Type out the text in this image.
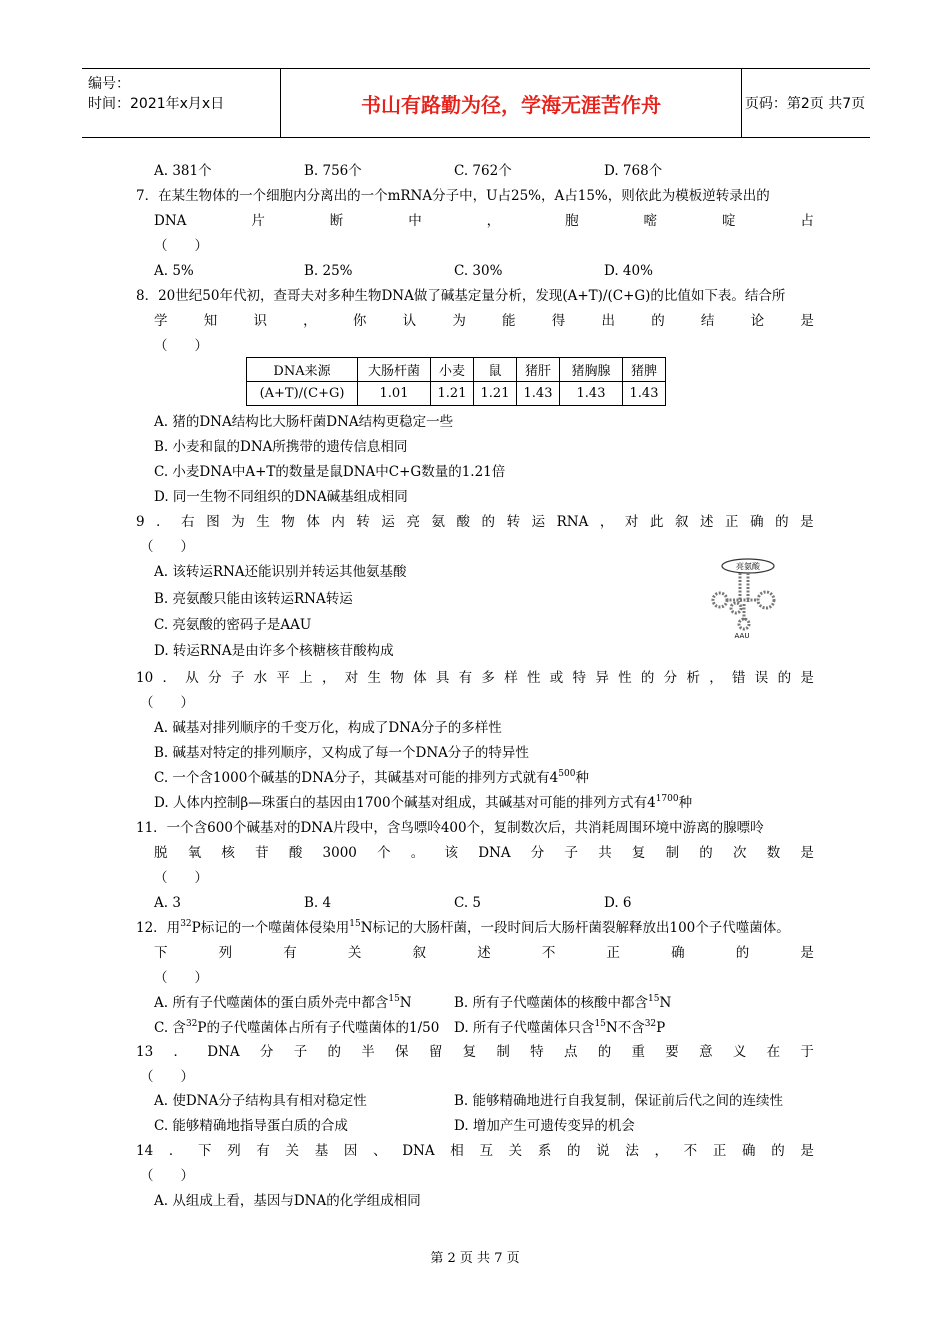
编号：
时间：2021年x月x日	书山有路勤为径，学海无涯苦作舟	页码：第2页 共7页
A. 381个	B. 756个	C. 762个	D. 768个
7．在某生物体的一个细胞内分离出的一个mRNA分子中，U占25%，A占15%，则依此为模板逆转录出的
DNA	片	断	中	，	胞	嘧	啶	占
（　　）
A. 5%	B. 25%	C. 30%	D. 40%
8．20世纪50年代初，查哥夫对多种生物DNA做了碱基定量分析，发现(A+T)/(C+G)的比值如下表。结合所
学	知	识	，	你	认	为	能	得	出	的	结	论	是
（　　）
DNA来源	大肠杆菌	小麦	鼠	猪肝	猪胸腺	猪脾
(A+T)/(C+G)	1.01	1.21	1.21	1.43	1.43	1.43
A. 猪的DNA结构比大肠杆菌DNA结构更稳定一些
B. 小麦和鼠的DNA所携带的遗传信息相同
C. 小麦DNA中A+T的数量是鼠DNA中C+G数量的1.21倍
D. 同一生物不同组织的DNA碱基组成相同
9 ． 右 图 为 生 物 体 内 转 运 亮 氨 酸 的 转 运 RNA ， 对 此 叙 述 正 确 的 是
（　　）
A. 该转运RNA还能识别并转运其他氨基酸
B. 亮氨酸只能由该转运RNA转运
C. 亮氨酸的密码子是AAU
D. 转运RNA是由许多个核糖核苷酸构成
亮氨酸
AAU
10 ． 从 分 子 水 平 上 ， 对 生 物 体 具 有 多 样 性 或 特 异 性 的 分 析 ， 错 误 的 是
（　　）
A. 碱基对排列顺序的千变万化，构成了DNA分子的多样性
B. 碱基对特定的排列顺序，又构成了每一个DNA分子的特异性
C. 一个含1000个碱基的DNA分子，其碱基对可能的排列方式就有$4^{500}$种
D. 人体内控制β—珠蛋白的基因由1700个碱基对组成，其碱基对可能的排列方式有$4^{1700}$种
11．一个含600个碱基对的DNA片段中，含鸟嘌呤400个，复制数次后，共消耗周围环境中游离的腺嘌呤
脱 氧 核 苷 酸 3000 个 。 该 DNA 分 子 共 复 制 的 次 数 是
（　　）
A. 3	B. 4	C. 5	D. 6
12．用$^{32}$P标记的一个噬菌体侵染用$^{15}$N标记的大肠杆菌，一段时间后大肠杆菌裂解释放出100个子代噬菌体。
下	列	有	关	叙	述	不	正	确	的	是
（　　）
A. 所有子代噬菌体的蛋白质外壳中都含$^{15}$N	B. 所有子代噬菌体的核酸中都含$^{15}$N
C. 含$^{32}$P的子代噬菌体占所有子代噬菌体的1/50 D. 所有子代噬菌体只含$^{15}$N不含$^{32}$P
13 ． DNA 分 子 的 半 保 留 复 制 特 点 的 重 要 意 义 在 于
（　　）
A. 使DNA分子结构具有相对稳定性	B. 能够精确地进行自我复制，保证前后代之间的连续性
C. 能够精确地指导蛋白质的合成	D. 增加产生可遗传变异的机会
14 ． 下 列 有 关 基 因 、 DNA 相 互 关 系 的 说 法 ， 不 正 确 的 是
（　　）
A. 从组成上看，基因与DNA的化学组成相同
第 2 页 共 7 页
